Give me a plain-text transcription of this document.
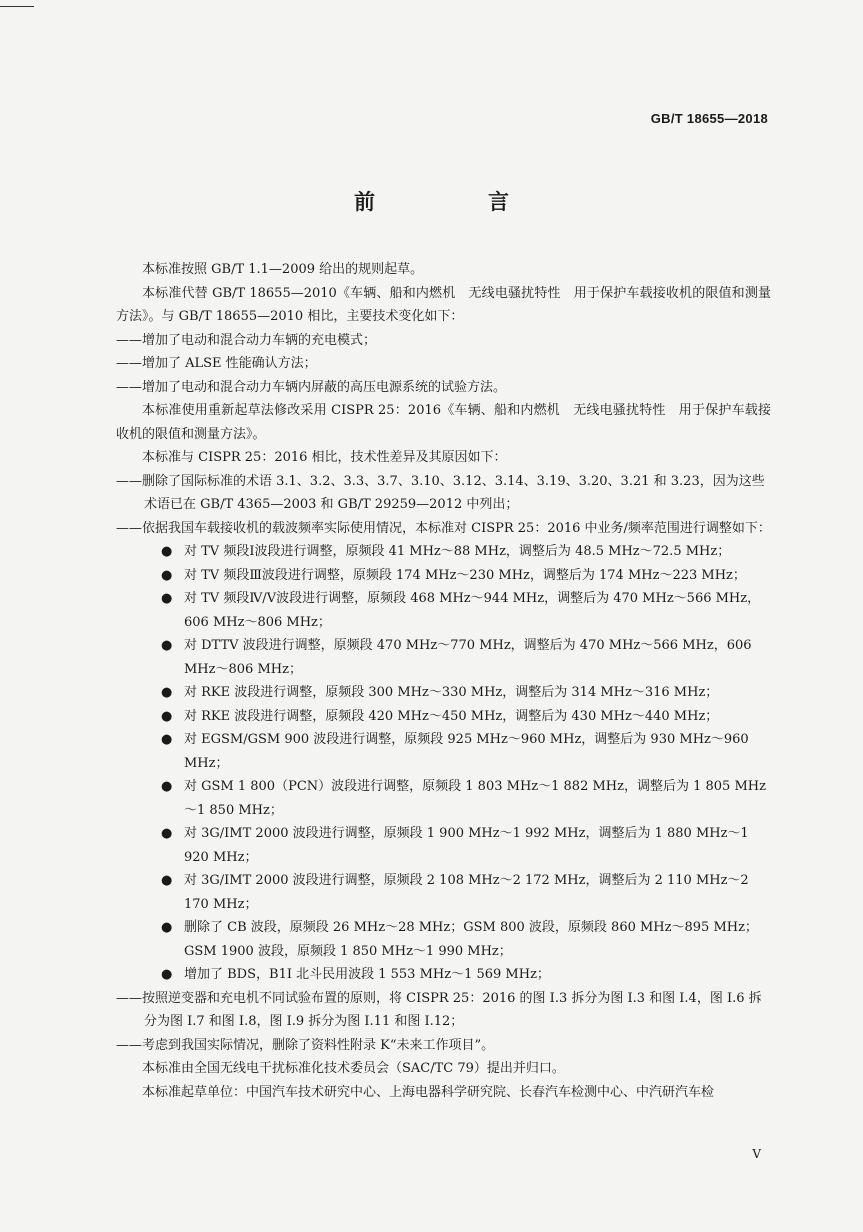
GB/T 18655—2018
前　言

本标准按照 GB/T 1.1—2009 给出的规则起草。

本标准代替 GB/T 18655—2010《车辆、船和内燃机　无线电骚扰特性　用于保护车载接收机的限值和测量方法》。与 GB/T 18655—2010 相比，主要技术变化如下：

——增加了电动和混合动力车辆的充电模式；

——增加了 ALSE 性能确认方法；

——增加了电动和混合动力车辆内屏蔽的高压电源系统的试验方法。

本标准使用重新起草法修改采用 CISPR 25：2016《车辆、船和内燃机　无线电骚扰特性　用于保护车载接收机的限值和测量方法》。

本标准与 CISPR 25：2016 相比，技术性差异及其原因如下：

——删除了国际标准的术语 3.1、3.2、3.3、3.7、3.10、3.12、3.14、3.19、3.20、3.21 和 3.23，因为这些术语已在 GB/T 4365—2003 和 GB/T 29259—2012 中列出；

——依据我国车载接收机的载波频率实际使用情况，本标准对 CISPR 25：2016 中业务/频率范围进行调整如下：

● 对 TV 频段Ⅰ波段进行调整，原频段 41 MHz～88 MHz，调整后为 48.5 MHz～72.5 MHz；
● 对 TV 频段Ⅲ波段进行调整，原频段 174 MHz～230 MHz，调整后为 174 MHz～223 MHz；
● 对 TV 频段Ⅳ/Ⅴ波段进行调整，原频段 468 MHz～944 MHz，调整后为 470 MHz～566 MHz，606 MHz～806 MHz；
● 对 DTTV 波段进行调整，原频段 470 MHz～770 MHz，调整后为 470 MHz～566 MHz，606 MHz～806 MHz；
● 对 RKE 波段进行调整，原频段 300 MHz～330 MHz，调整后为 314 MHz～316 MHz；
● 对 RKE 波段进行调整，原频段 420 MHz～450 MHz，调整后为 430 MHz～440 MHz；
● 对 EGSM/GSM 900 波段进行调整，原频段 925 MHz～960 MHz，调整后为 930 MHz～960 MHz；
● 对 GSM 1 800（PCN）波段进行调整，原频段 1 803 MHz～1 882 MHz，调整后为 1 805 MHz～1 850 MHz；
● 对 3G/IMT 2000 波段进行调整，原频段 1 900 MHz～1 992 MHz，调整后为 1 880 MHz～1 920 MHz；
● 对 3G/IMT 2000 波段进行调整，原频段 2 108 MHz～2 172 MHz，调整后为 2 110 MHz～2 170 MHz；
● 删除了 CB 波段，原频段 26 MHz～28 MHz；GSM 800 波段，原频段 860 MHz～895 MHz；GSM 1900 波段，原频段 1 850 MHz～1 990 MHz；
● 增加了 BDS，B1I 北斗民用波段 1 553 MHz～1 569 MHz；

——按照逆变器和充电机不同试验布置的原则，将 CISPR 25：2016 的图 I.3 拆分为图 I.3 和图 I.4，图 I.6 拆分为图 I.7 和图 I.8，图 I.9 拆分为图 I.11 和图 I.12；

——考虑到我国实际情况，删除了资料性附录 K“未来工作项目”。

本标准由全国无线电干扰标准化技术委员会（SAC/TC 79）提出并归口。

本标准起草单位：中国汽车技术研究中心、上海电器科学研究院、长春汽车检测中心、中汽研汽车检

V
